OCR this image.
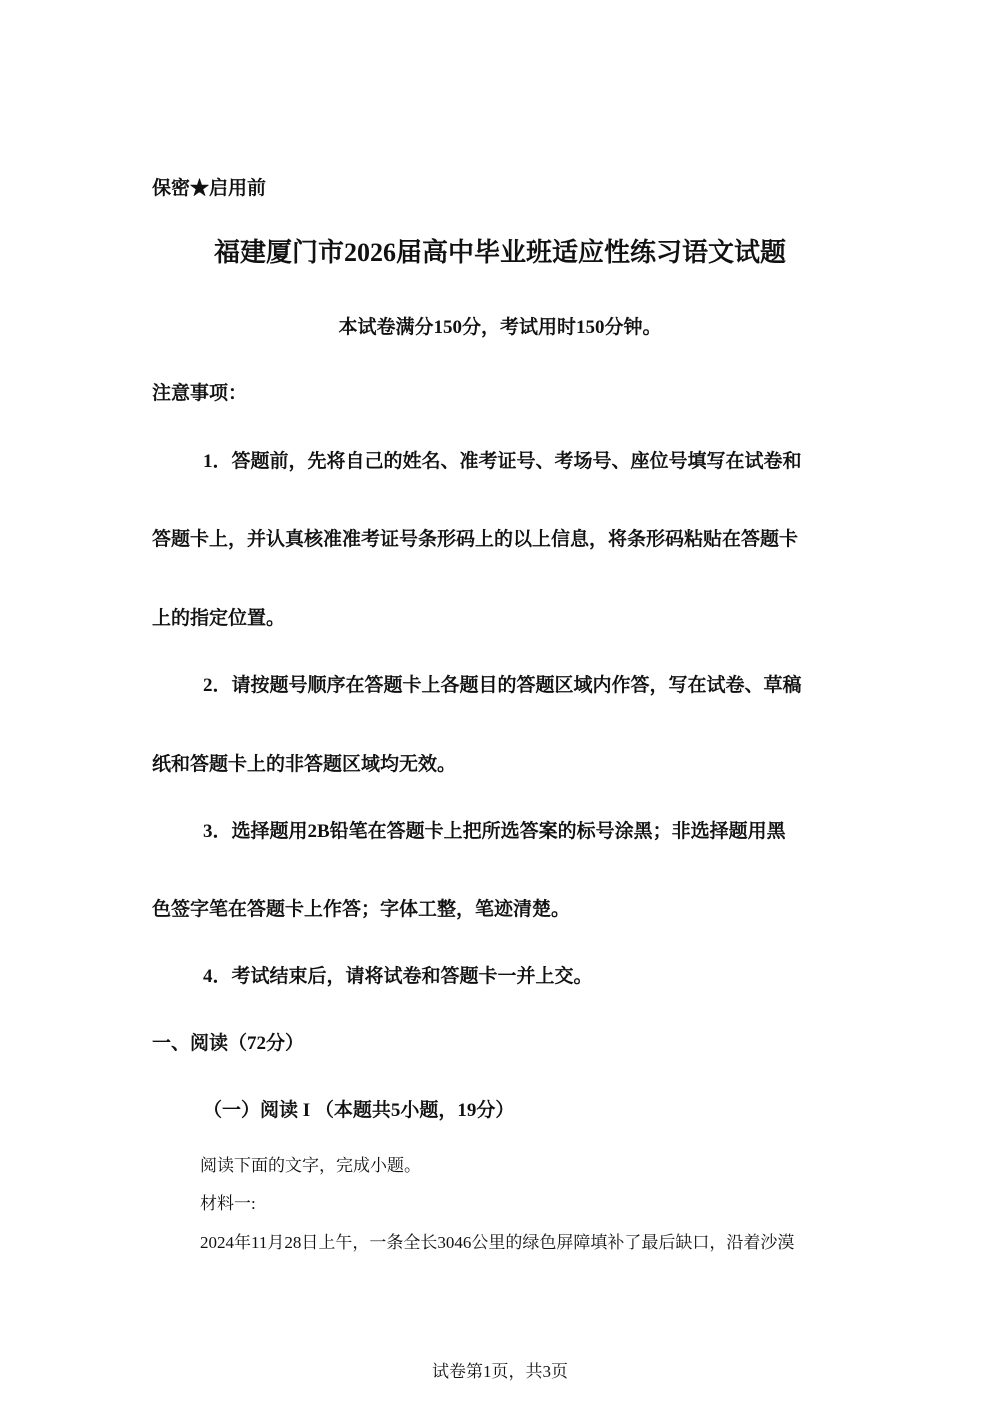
保密★启用前

福建厦门市2026届高中毕业班适应性练习语文试题

本试卷满分150分，考试用时150分钟。

注意事项：

1．答题前，先将自己的姓名、准考证号、考场号、座位号填写在试卷和

答题卡上，并认真核准准考证号条形码上的以上信息，将条形码粘贴在答题卡

上的指定位置。

2．请按题号顺序在答题卡上各题目的答题区域内作答，写在试卷、草稿

纸和答题卡上的非答题区域均无效。

3．选择题用2B铅笔在答题卡上把所选答案的标号涂黑；非选择题用黑

色签字笔在答题卡上作答；字体工整，笔迹清楚。

4．考试结束后，请将试卷和答题卡一并上交。

一、阅读（72分）

（一）阅读 I （本题共5小题，19分）

阅读下面的文字，完成小题。

材料一:

2024年11月28日上午，一条全长3046公里的绿色屏障填补了最后缺口，沿着沙漠

试卷第1页，共3页
